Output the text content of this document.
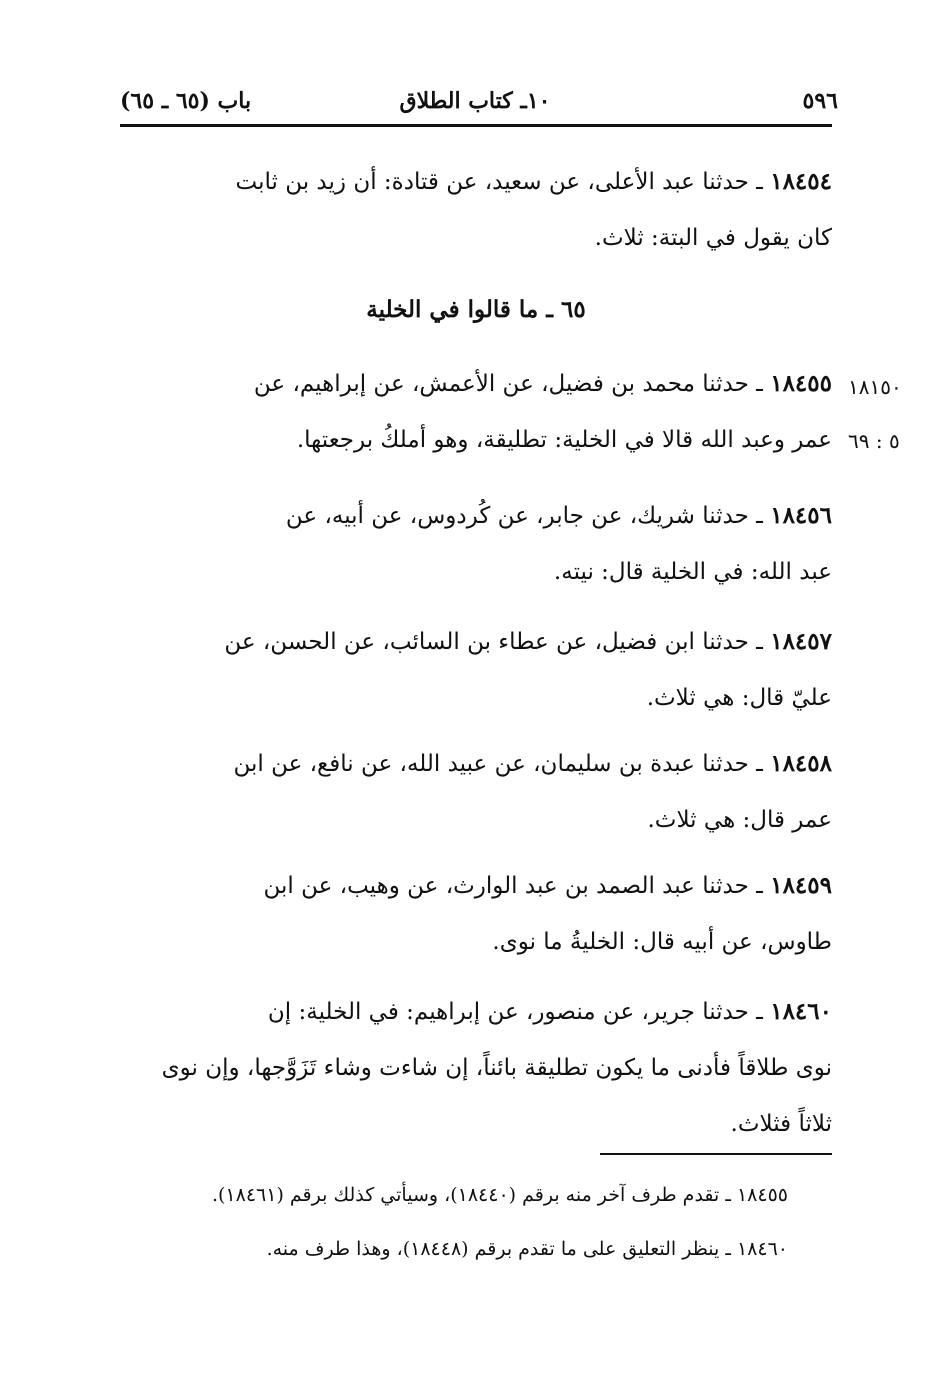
٥٩٦
١٠ـ كتاب الطلاق
باب (٦٥ ـ ٦٥)
١٨٤٥٤ ـ حدثنا عبد الأعلى، عن سعيد، عن قتادة: أن زيد بن ثابت
كان يقول في البتة: ثلاث.
٦٥ ـ ما قالوا في الخلية
١٨١٥٠
٥ : ٦٩
١٨٤٥٥ ـ حدثنا محمد بن فضيل، عن الأعمش، عن إبراهيم، عن
عمر وعبد الله قالا في الخلية: تطليقة، وهو أملكُ برجعتها.
١٨٤٥٦ ـ حدثنا شريك، عن جابر، عن كُردوس، عن أبيه، عن
عبد الله: في الخلية قال: نيته.
١٨٤٥٧ ـ حدثنا ابن فضيل، عن عطاء بن السائب، عن الحسن، عن
عليّ قال: هي ثلاث.
١٨٤٥٨ ـ حدثنا عبدة بن سليمان، عن عبيد الله، عن نافع، عن ابن
عمر قال: هي ثلاث.
١٨٤٥٩ ـ حدثنا عبد الصمد بن عبد الوارث، عن وهيب، عن ابن
طاوس، عن أبيه قال: الخليةُ ما نوى.
١٨٤٦٠ ـ حدثنا جرير، عن منصور، عن إبراهيم: في الخلية: إن
نوى طلاقاً فأدنى ما يكون تطليقة بائناً، إن شاءت وشاء تَزَوَّجها، وإن نوى
ثلاثاً فثلاث.
١٨٤٥٥ ـ تقدم طرف آخر منه برقم (١٨٤٤٠)، وسيأتي كذلك برقم (١٨٤٦١).
١٨٤٦٠ ـ ينظر التعليق على ما تقدم برقم (١٨٤٤٨)، وهذا طرف منه.
